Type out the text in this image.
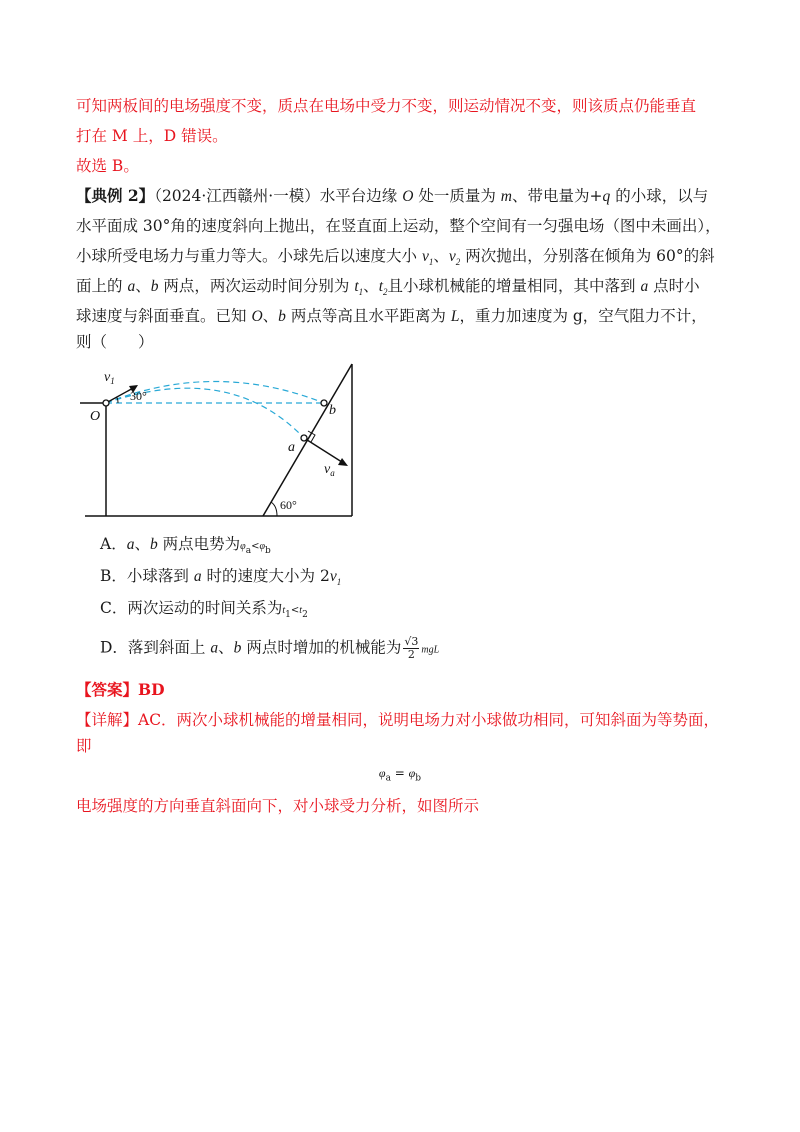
可知两板间的电场强度不变，质点在电场中受力不变，则运动情况不变，则该质点仍能垂直
打在 M 上，D 错误。
故选 B。
【典例 2】（2024·江西赣州·一模）水平台边缘 O 处一质量为 m、带电量为+q 的小球，以与
水平面成 30°角的速度斜向上抛出，在竖直面上运动，整个空间有一匀强电场（图中未画出），
小球所受电场力与重力等大。小球先后以速度大小 $v_1$、$v_2$ 两次抛出，分别落在倾角为 60°的斜
面上的 a、b 两点，两次运动时间分别为 $t_1$、$t_2$且小球机械能的增量相同，其中落到 a 点时小
球速度与斜面垂直。已知 O、b 两点等高且水平距离为 L，重力加速度为 g，空气阻力不计，
则（　　）
$v_1$
30°
O	b
a
$v_a$
60°
A．a、b 两点电势为$\varphi_a<\varphi_b$
B．小球落到 a 时的速度大小为 $2v_1$
C．两次运动的时间关系为$t_1<t_2$
D．落到斜面上 a、b 两点时增加的机械能为 $\frac{√3}{2}$ mgL
【答案】BD
【详解】AC．两次小球机械能的增量相同，说明电场力对小球做功相同，可知斜面为等势面，
即
$\varphi_a = \varphi_b$
电场强度的方向垂直斜面向下，对小球受力分析，如图所示
